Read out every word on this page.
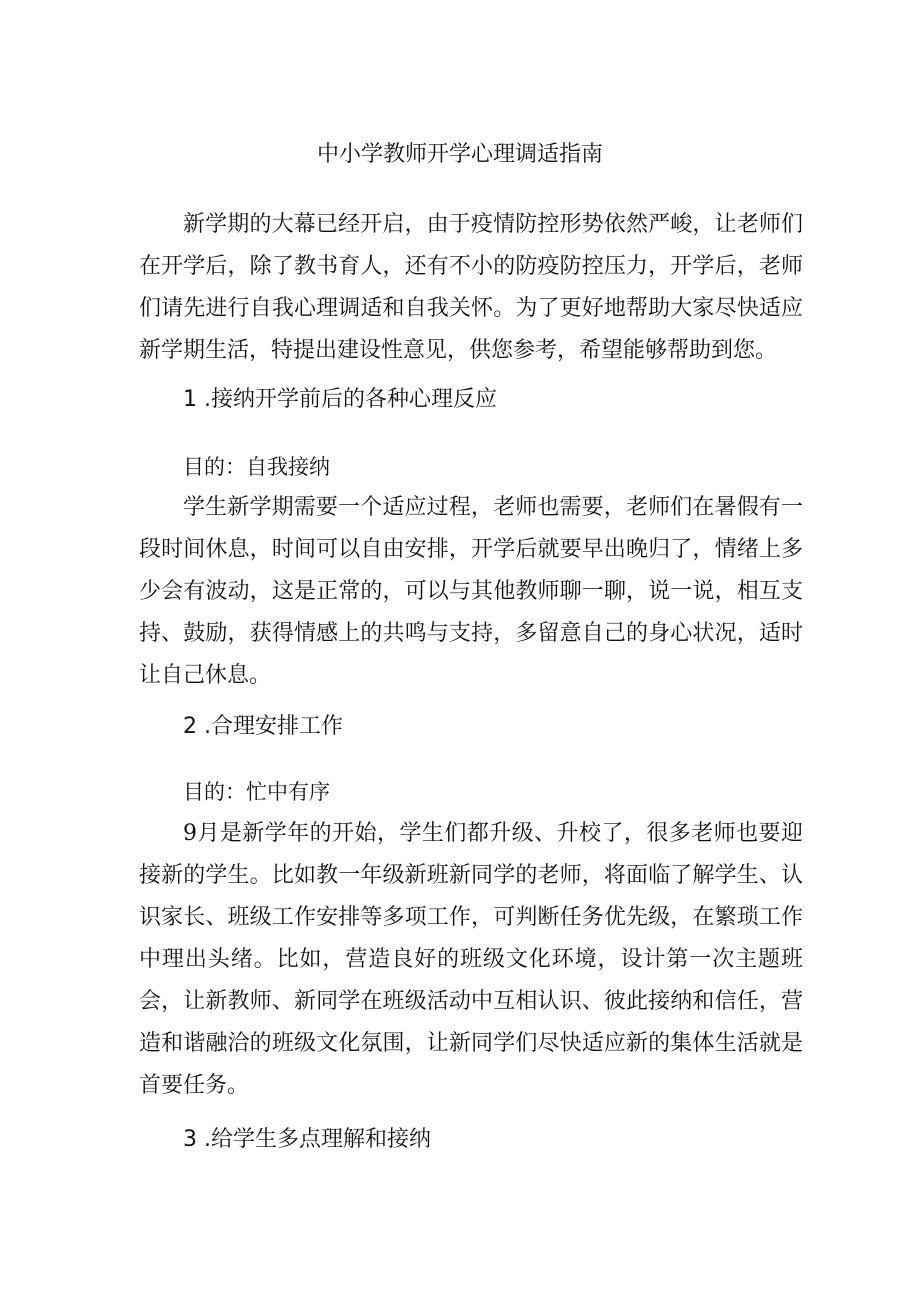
中小学教师开学心理调适指南

新学期的大幕已经开启，由于疫情防控形势依然严峻，让老师们在开学后，除了教书育人，还有不小的防疫防控压力，开学后，老师们请先进行自我心理调适和自我关怀。为了更好地帮助大家尽快适应新学期生活，特提出建设性意见，供您参考，希望能够帮助到您。

1 .接纳开学前后的各种心理反应
目的：自我接纳

学生新学期需要一个适应过程，老师也需要，老师们在暑假有一段时间休息，时间可以自由安排，开学后就要早出晚归了，情绪上多少会有波动，这是正常的，可以与其他教师聊一聊，说一说，相互支持、鼓励，获得情感上的共鸣与支持，多留意自己的身心状况，适时让自己休息。

2 .合理安排工作
目的：忙中有序

9月是新学年的开始，学生们都升级、升校了，很多老师也要迎接新的学生。比如教一年级新班新同学的老师，将面临了解学生、认识家长、班级工作安排等多项工作，可判断任务优先级，在繁琐工作中理出头绪。比如，营造良好的班级文化环境，设计第一次主题班会，让新教师、新同学在班级活动中互相认识、彼此接纳和信任，营造和谐融洽的班级文化氛围，让新同学们尽快适应新的集体生活就是首要任务。

3 .给学生多点理解和接纳
